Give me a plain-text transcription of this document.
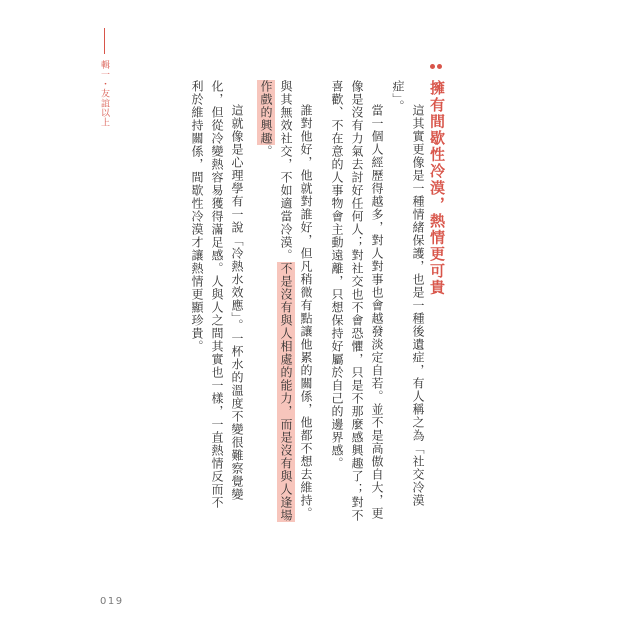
輯一・友誼以上	擁有間歇性冷漠，熱情更可貴
這其實更像是一種情緒保護，也是一種後遺症，有人稱之為「社交冷漠
症」。
當一個人經歷得越多，對人對事也會越發淡定自若。並不是高傲自大，更
像是沒有力氣去討好任何人；對社交也不會恐懼，只是不那麼感興趣了；對不
喜歡、不在意的人事物會主動遠離，只想保持好屬於自己的邊界感。
誰對他好，他就對誰好，但凡稍微有點讓他累的關係，他都不想去維持。
與其無效社交，不如適當冷漠。不是沒有與人相處的能力，而是沒有與人逢場
作戲的興趣。
這就像是心理學有一說「冷熱水效應」。一杯水的溫度不變很難察覺變
化，但從冷變熱容易獲得滿足感。人與人之間其實也一樣，一直熱情反而不
利於維持關係，間歇性冷漠才讓熱情更顯珍貴。
019
